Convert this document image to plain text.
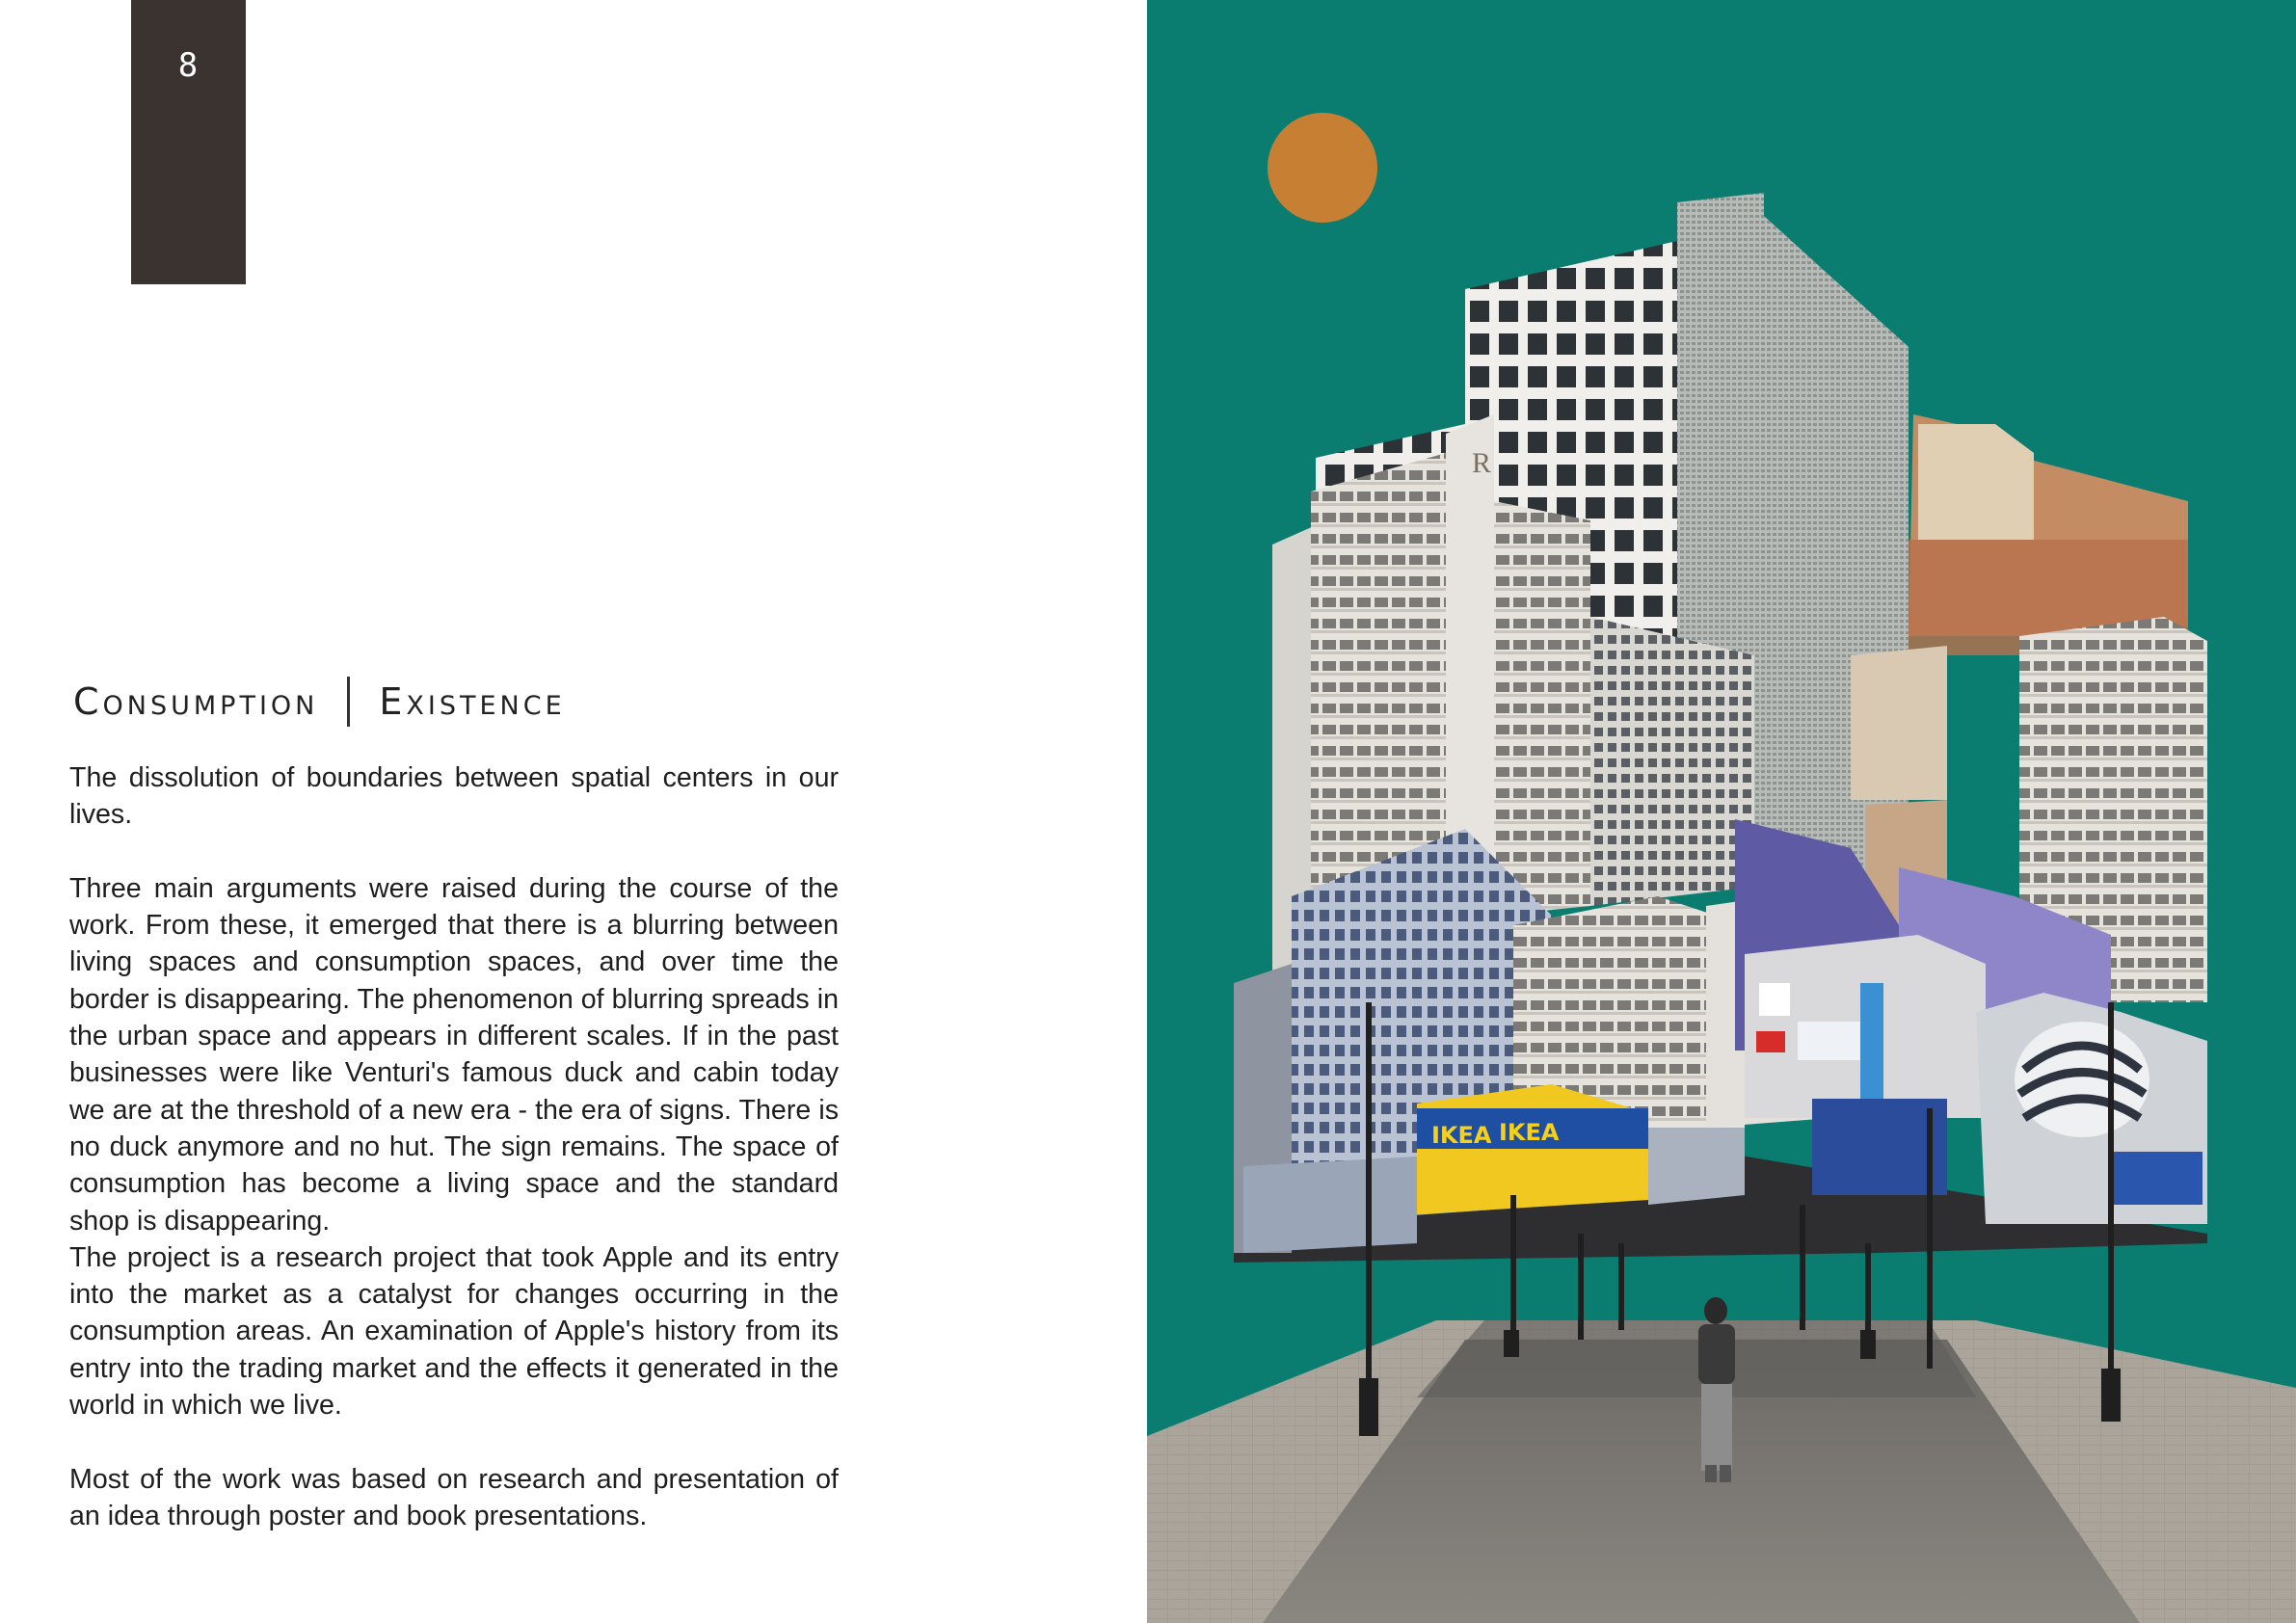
8
Consumption Existence

The dissolution of boundaries between spatial centers in our lives.

Three main arguments were raised during the course of the work. From these, it emerged that there is a blurring between living spaces and consumption spaces, and over time the border is disappearing. The phenomenon of blurring spreads in the urban space and appears in different scales. If in the past businesses were like Venturi's famous duck and cabin today we are at the threshold of a new era - the era of signs. There is no duck anymore and no hut. The sign remains. The space of consumption has become a living space and the standard shop is disappearing.

The project is a research project that took Apple and its entry into the market as a catalyst for changes occurring in the consumption areas. An examination of Apple's history from its entry into the trading market and the effects it generated in the world in which we live.

Most of the work was based on research and presentation of an idea through poster and book presentations.

R
IKEA IKEA
